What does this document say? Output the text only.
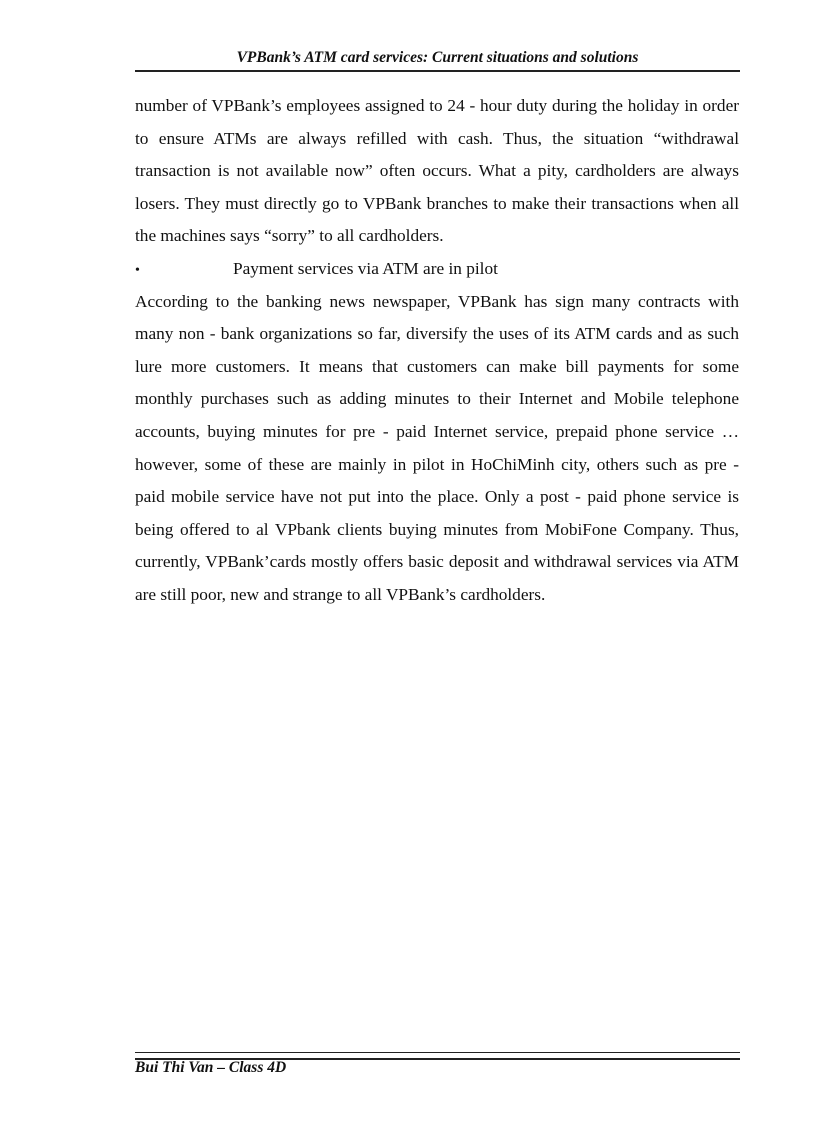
VPBank’s ATM card services: Current situations and solutions

number of VPBank’s employees assigned to 24 - hour duty during the holiday in order to ensure ATMs are always refilled with cash. Thus, the situation “withdrawal transaction is not available now” often occurs. What a pity, cardholders are always losers. They must directly go to VPBank branches to make their transactions when all the machines says “sorry” to all cardholders.

•	Payment services via ATM are in pilot

According to the banking news newspaper, VPBank has sign many contracts with many non - bank organizations so far, diversify the uses of its ATM cards and as such lure more customers. It means that customers can make bill payments for some monthly purchases such as adding minutes to their Internet and Mobile telephone accounts, buying minutes for pre - paid Internet service, prepaid phone service …however, some of these are mainly in pilot in HoChiMinh city, others such as pre - paid mobile service have not put into the place. Only a post - paid phone service is being offered to al VPbank clients buying minutes from MobiFone Company. Thus, currently, VPBank’cards mostly offers basic deposit and withdrawal services via ATM are still poor, new and strange to all VPBank’s cardholders.

Bui Thi Van – Class 4D
